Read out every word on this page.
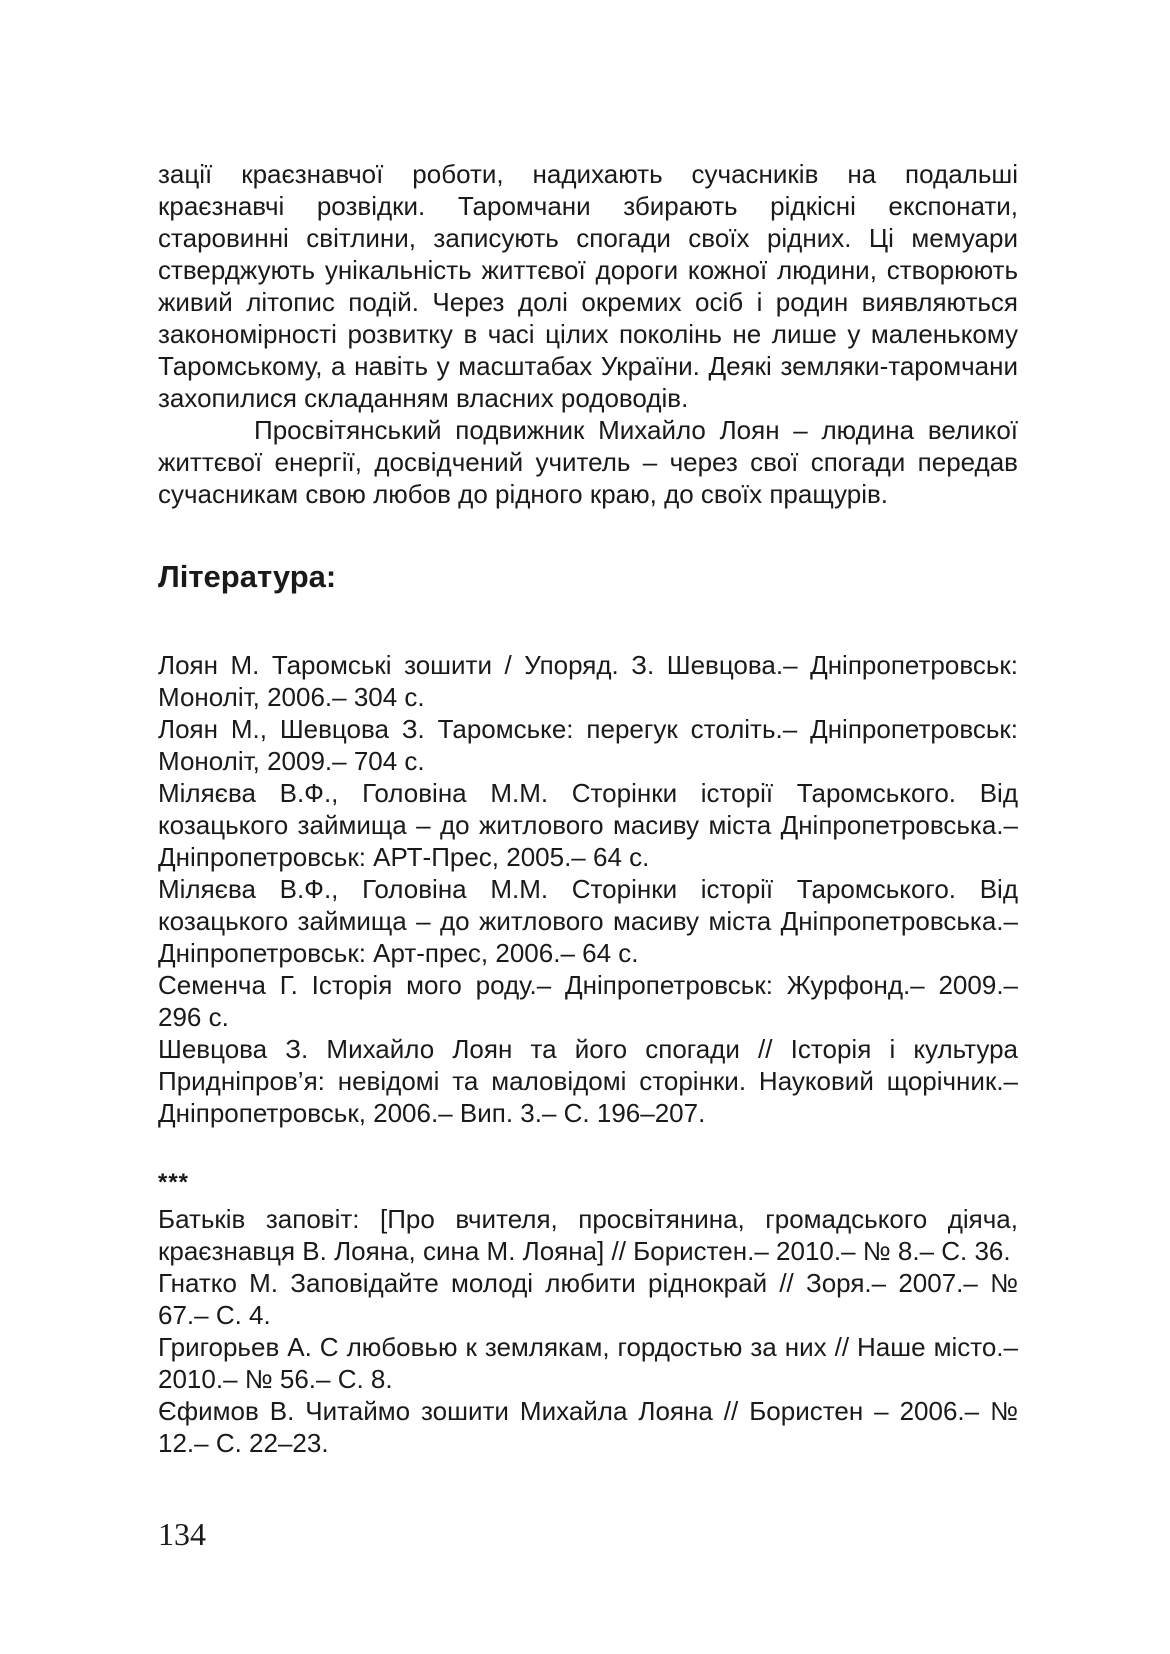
зації краєзнавчої роботи, надихають сучасників на подальші краєзнавчі розвідки. Таромчани збирають рідкісні експонати, старовинні світлини, записують спогади своїх рідних. Ці мемуари стверджують унікальність життєвої дороги кожної людини, створюють живий літопис подій. Через долі окремих осіб і родин виявляються закономірності розвитку в часі цілих поколінь не лише у маленькому Таромському, а навіть у масштабах України. Деякі земляки-таромчани захопилися складанням власних родоводів.

Просвітянський подвижник Михайло Лоян – людина великої життєвої енергії, досвідчений учитель – через свої спогади передав сучасникам свою любов до рідного краю, до своїх пращурів.

Література:

Лоян М. Таромські зошити / Упоряд. З. Шевцова.– Дніпропетровськ: Моноліт, 2006.– 304 с.

Лоян М., Шевцова З. Таромське: перегук століть.– Дніпропетровськ: Моноліт, 2009.– 704 с.

Міляєва В.Ф., Головіна М.М. Сторінки історії Таромського. Від козацького займища – до житлового масиву міста Дніпропетровська.– Дніпропетровськ: АРТ-Прес, 2005.– 64 с.

Міляєва В.Ф., Головіна М.М. Сторінки історії Таромського. Від козацького займища – до житлового масиву міста Дніпропетровська.– Дніпропетровськ: Арт-прес, 2006.– 64 с.

Семенча Г. Історія мого роду.– Дніпропетровськ: Журфонд.– 2009.– 296 с.

Шевцова З. Михайло Лоян та його спогади // Історія і культура Придніпров’я: невідомі та маловідомі сторінки. Науковий щорічник.– Дніпропетровськ, 2006.– Вип. 3.– С. 196–207.

***

Батьків заповіт: [Про вчителя, просвітянина, громадського діяча, краєзнавця В. Лояна, сина М. Лояна] // Бористен.– 2010.– № 8.– С. 36.

Гнатко М. Заповідайте молоді любити ріднокрай // Зоря.– 2007.– № 67.– С. 4.

Григорьев А. С любовью к землякам, гордостью за них // Наше місто.– 2010.– № 56.– С. 8.

Єфимов В. Читаймо зошити Михайла Лояна // Бористен – 2006.– № 12.– С. 22–23.

134
